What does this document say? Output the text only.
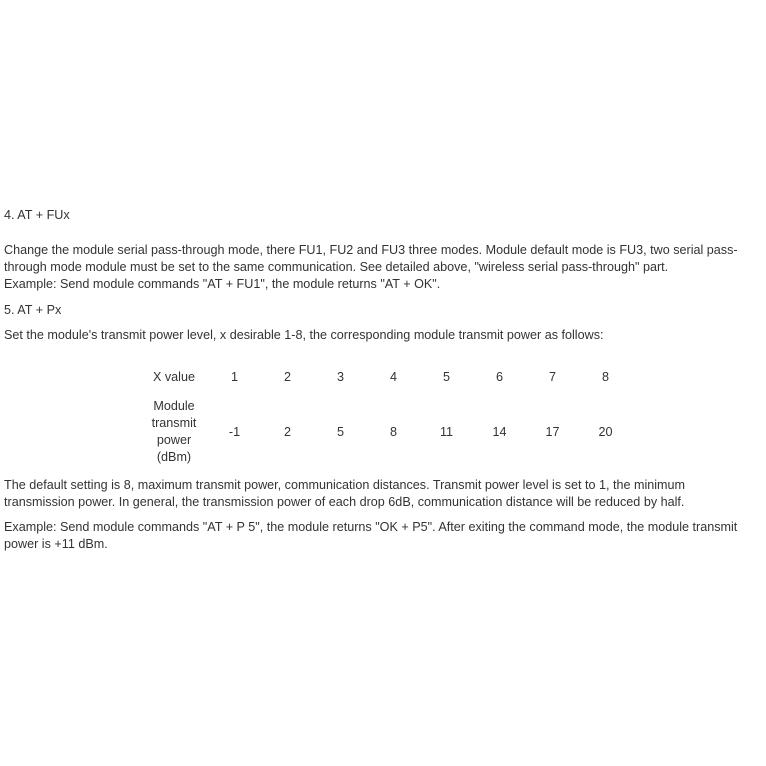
4. AT + FUx

Change the module serial pass-through mode, there FU1, FU2 and FU3 three modes. Module default mode is FU3, two serial pass-
through mode module must be set to the same communication. See detailed above, "wireless serial pass-through" part.
Example: Send module commands "AT + FU1", the module returns "AT + OK".

5. AT + Px

Set the module's transmit power level, x desirable 1-8, the corresponding module transmit power as follows:

X value	1	2	3	4	5	6	7	8

Module
transmit
power
(dBm)	-1	2	5	8	11	14	17	20

The default setting is 8, maximum transmit power, communication distances. Transmit power level is set to 1, the minimum
transmission power. In general, the transmission power of each drop 6dB, communication distance will be reduced by half.

Example: Send module commands "AT + P 5", the module returns "OK + P5". After exiting the command mode, the module transmit
power is +11 dBm.
